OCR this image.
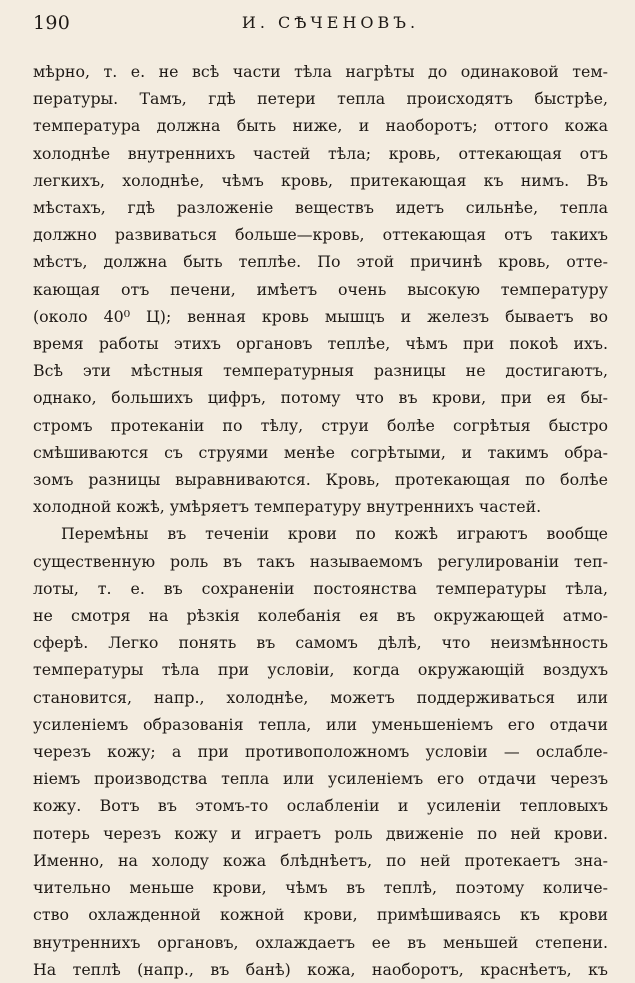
190	И. СѢЧЕНОВЪ.
мѣрно, т. е. не всѣ части тѣла нагрѣты до одинаковой тем-
пературы. Тамъ, гдѣ петери тепла происходятъ быстрѣе,
температура должна быть ниже, и наоборотъ; оттого кожа
холоднѣе внутреннихъ частей тѣла; кровь, оттекающая отъ
легкихъ, холоднѣе, чѣмъ кровь, притекающая къ нимъ. Въ
мѣстахъ, гдѣ разложеніе веществъ идетъ сильнѣе, тепла
должно развиваться больше—кровь, оттекающая отъ такихъ
мѣстъ, должна быть теплѣе. По этой причинѣ кровь, отте-
кающая отъ печени, имѣетъ очень высокую температуру
(около 40⁰ Ц); венная кровь мышцъ и железъ бываетъ во
время работы этихъ органовъ теплѣе, чѣмъ при покоѣ ихъ.
Всѣ эти мѣстныя температурныя разницы не достигаютъ,
однако, большихъ цифръ, потому что въ крови, при ея бы-
стромъ протеканіи по тѣлу, струи болѣе согрѣтыя быстро
смѣшиваются съ струями менѣе согрѣтыми, и такимъ обра-
зомъ разницы выравниваются. Кровь, протекающая по болѣе
холодной кожѣ, умѣряетъ температуру внутреннихъ частей.
Перемѣны въ теченіи крови по кожѣ играютъ вообще
существенную роль въ такъ называемомъ регулированіи теп-
лоты, т. е. въ сохраненіи постоянства температуры тѣла,
не смотря на рѣзкія колебанія ея въ окружающей атмо-
сферѣ. Легко понять въ самомъ дѣлѣ, что неизмѣнность
температуры тѣла при условіи, когда окружающій воздухъ
становится, напр., холоднѣе, можетъ поддерживаться или
усиленіемъ образованія тепла, или уменьшеніемъ его отдачи
черезъ кожу; а при противоположномъ условіи — ослабле-
ніемъ производства тепла или усиленіемъ его отдачи черезъ
кожу. Вотъ въ этомъ-то ослабленіи и усиленіи тепловыхъ
потерь черезъ кожу и играетъ роль движеніе по ней крови.
Именно, на холоду кожа блѣднѣетъ, по ней протекаетъ зна-
чительно меньше крови, чѣмъ въ теплѣ, поэтому количе-
ство охлажденной кожной крови, примѣшиваясь къ крови
внутреннихъ органовъ, охлаждаетъ ее въ меньшей степени.
На теплѣ (напр., въ банѣ) кожа, наоборотъ, краснѣетъ, къ
